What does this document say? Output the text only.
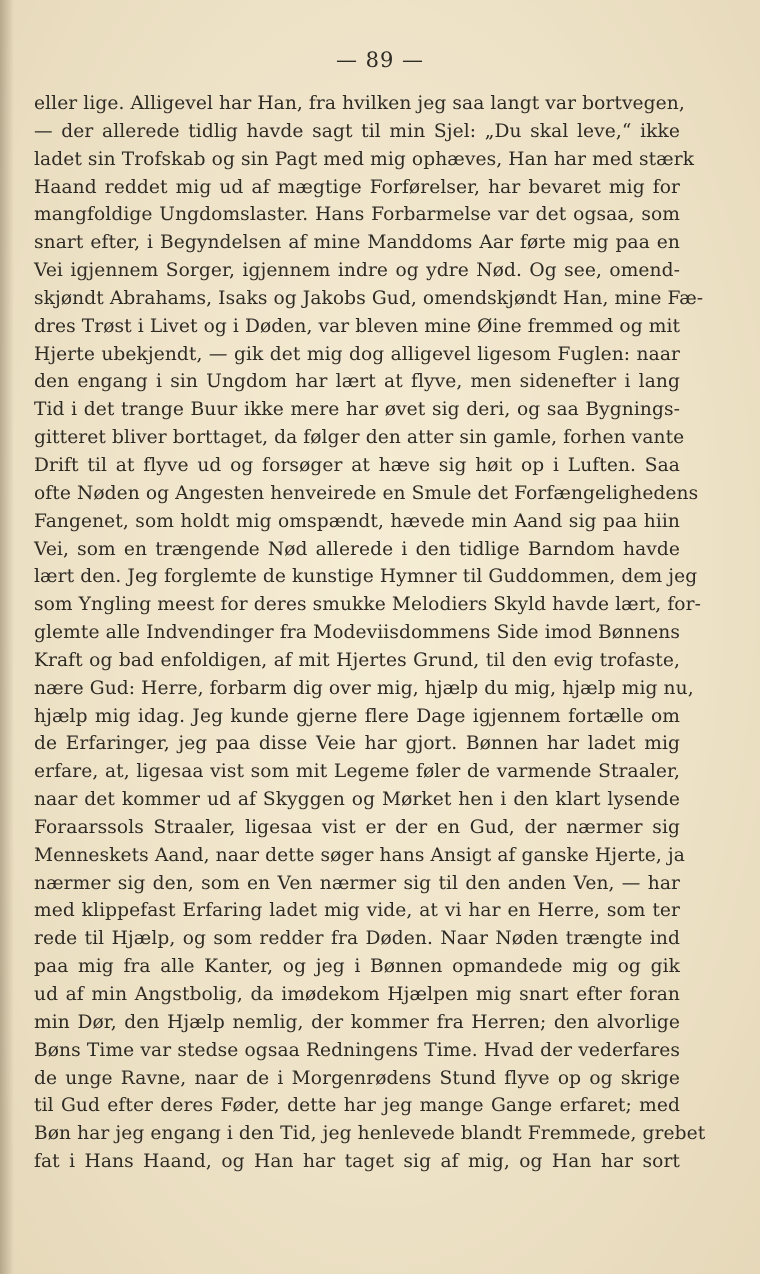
— 89 —
eller lige. Alligevel har Han, fra hvilken jeg saa langt var bortvegen,
— der allerede tidlig havde sagt til min Sjel: „Du skal leve,“ ikke
ladet sin Trofskab og sin Pagt med mig ophæves, Han har med stærk
Haand reddet mig ud af mægtige Forførelser, har bevaret mig for
mangfoldige Ungdomslaster. Hans Forbarmelse var det ogsaa, som
snart efter, i Begyndelsen af mine Manddoms Aar førte mig paa en
Vei igjennem Sorger, igjennem indre og ydre Nød. Og see, omend-
skjøndt Abrahams, Isaks og Jakobs Gud, omendskjøndt Han, mine Fæ-
dres Trøst i Livet og i Døden, var bleven mine Øine fremmed og mit
Hjerte ubekjendt, — gik det mig dog alligevel ligesom Fuglen: naar
den engang i sin Ungdom har lært at flyve, men sidenefter i lang
Tid i det trange Buur ikke mere har øvet sig deri, og saa Bygnings-
gitteret bliver borttaget, da følger den atter sin gamle, forhen vante
Drift til at flyve ud og forsøger at hæve sig høit op i Luften. Saa
ofte Nøden og Angesten henveirede en Smule det Forfængelighedens
Fangenet, som holdt mig omspændt, hævede min Aand sig paa hiin
Vei, som en trængende Nød allerede i den tidlige Barndom havde
lært den. Jeg forglemte de kunstige Hymner til Guddommen, dem jeg
som Yngling meest for deres smukke Melodiers Skyld havde lært, for-
glemte alle Indvendinger fra Modeviisdommens Side imod Bønnens
Kraft og bad enfoldigen, af mit Hjertes Grund, til den evig trofaste,
nære Gud: Herre, forbarm dig over mig, hjælp du mig, hjælp mig nu,
hjælp mig idag. Jeg kunde gjerne flere Dage igjennem fortælle om
de Erfaringer, jeg paa disse Veie har gjort. Bønnen har ladet mig
erfare, at, ligesaa vist som mit Legeme føler de varmende Straaler,
naar det kommer ud af Skyggen og Mørket hen i den klart lysende
Foraarssols Straaler, ligesaa vist er der en Gud, der nærmer sig
Menneskets Aand, naar dette søger hans Ansigt af ganske Hjerte, ja
nærmer sig den, som en Ven nærmer sig til den anden Ven, — har
med klippefast Erfaring ladet mig vide, at vi har en Herre, som ter
rede til Hjælp, og som redder fra Døden. Naar Nøden trængte ind
paa mig fra alle Kanter, og jeg i Bønnen opmandede mig og gik
ud af min Angstbolig, da imødekom Hjælpen mig snart efter foran
min Dør, den Hjælp nemlig, der kommer fra Herren; den alvorlige
Bøns Time var stedse ogsaa Redningens Time. Hvad der vederfares
de unge Ravne, naar de i Morgenrødens Stund flyve op og skrige
til Gud efter deres Føder, dette har jeg mange Gange erfaret; med
Bøn har jeg engang i den Tid, jeg henlevede blandt Fremmede, grebet
fat i Hans Haand, og Han har taget sig af mig, og Han har sort
